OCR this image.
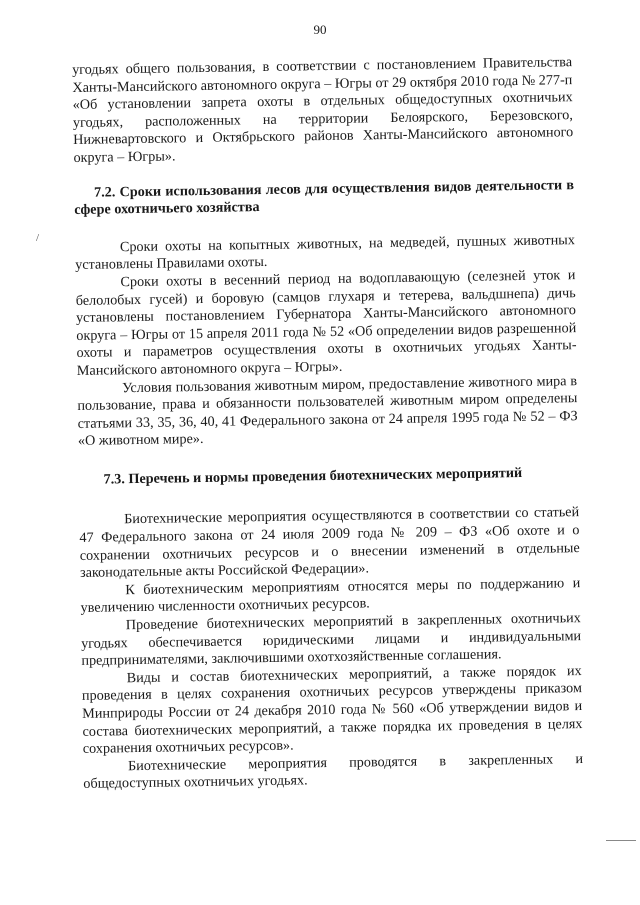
90
/

угодьях общего пользования, в соответствии с постановлением Правительства Ханты-Мансийского автономного округа – Югры от 29 октября 2010 года № 277-п «Об установлении запрета охоты в отдельных общедоступных охотничьих угодьях, расположенных на территории Белоярского, Березовского, Нижневартовского и Октябрьского районов Ханты-Мансийского автономного округа – Югры».

7.2. Сроки использования лесов для осуществления видов деятельности в сфере охотничьего хозяйства

Сроки охоты на копытных животных, на медведей, пушных животных установлены Правилами охоты.

Сроки охоты в весенний период на водоплавающую (селезней уток и белолобых гусей) и боровую (самцов глухаря и тетерева, вальдшнепа) дичь установлены постановлением Губернатора Ханты-Мансийского автономного округа – Югры от 15 апреля 2011 года № 52 «Об определении видов разрешенной охоты и параметров осуществления охоты в охотничьих угодьях Ханты-Мансийского автономного округа – Югры».

Условия пользования животным миром, предоставление животного мира в пользование, права и обязанности пользователей животным миром определены статьями 33, 35, 36, 40, 41 Федерального закона от 24 апреля 1995 года № 52 – ФЗ «О животном мире».

7.3. Перечень и нормы проведения биотехнических мероприятий

Биотехнические мероприятия осуществляются в соответствии со статьей 47 Федерального закона от 24 июля 2009 года № 209 – ФЗ «Об охоте и о сохранении охотничьих ресурсов и о внесении изменений в отдельные законодательные акты Российской Федерации».

К биотехническим мероприятиям относятся меры по поддержанию и увеличению численности охотничьих ресурсов.

Проведение биотехнических мероприятий в закрепленных охотничьих угодьях обеспечивается юридическими лицами и индивидуальными предпринимателями, заключившими охотхозяйственные соглашения.

Виды и состав биотехнических мероприятий, а также порядок их проведения в целях сохранения охотничьих ресурсов утверждены приказом Минприроды России от 24 декабря 2010 года № 560 «Об утверждении видов и состава биотехнических мероприятий, а также порядка их проведения в целях сохранения охотничьих ресурсов».

Биотехнические мероприятия проводятся в закрепленных и общедоступных охотничьих угодьях.
